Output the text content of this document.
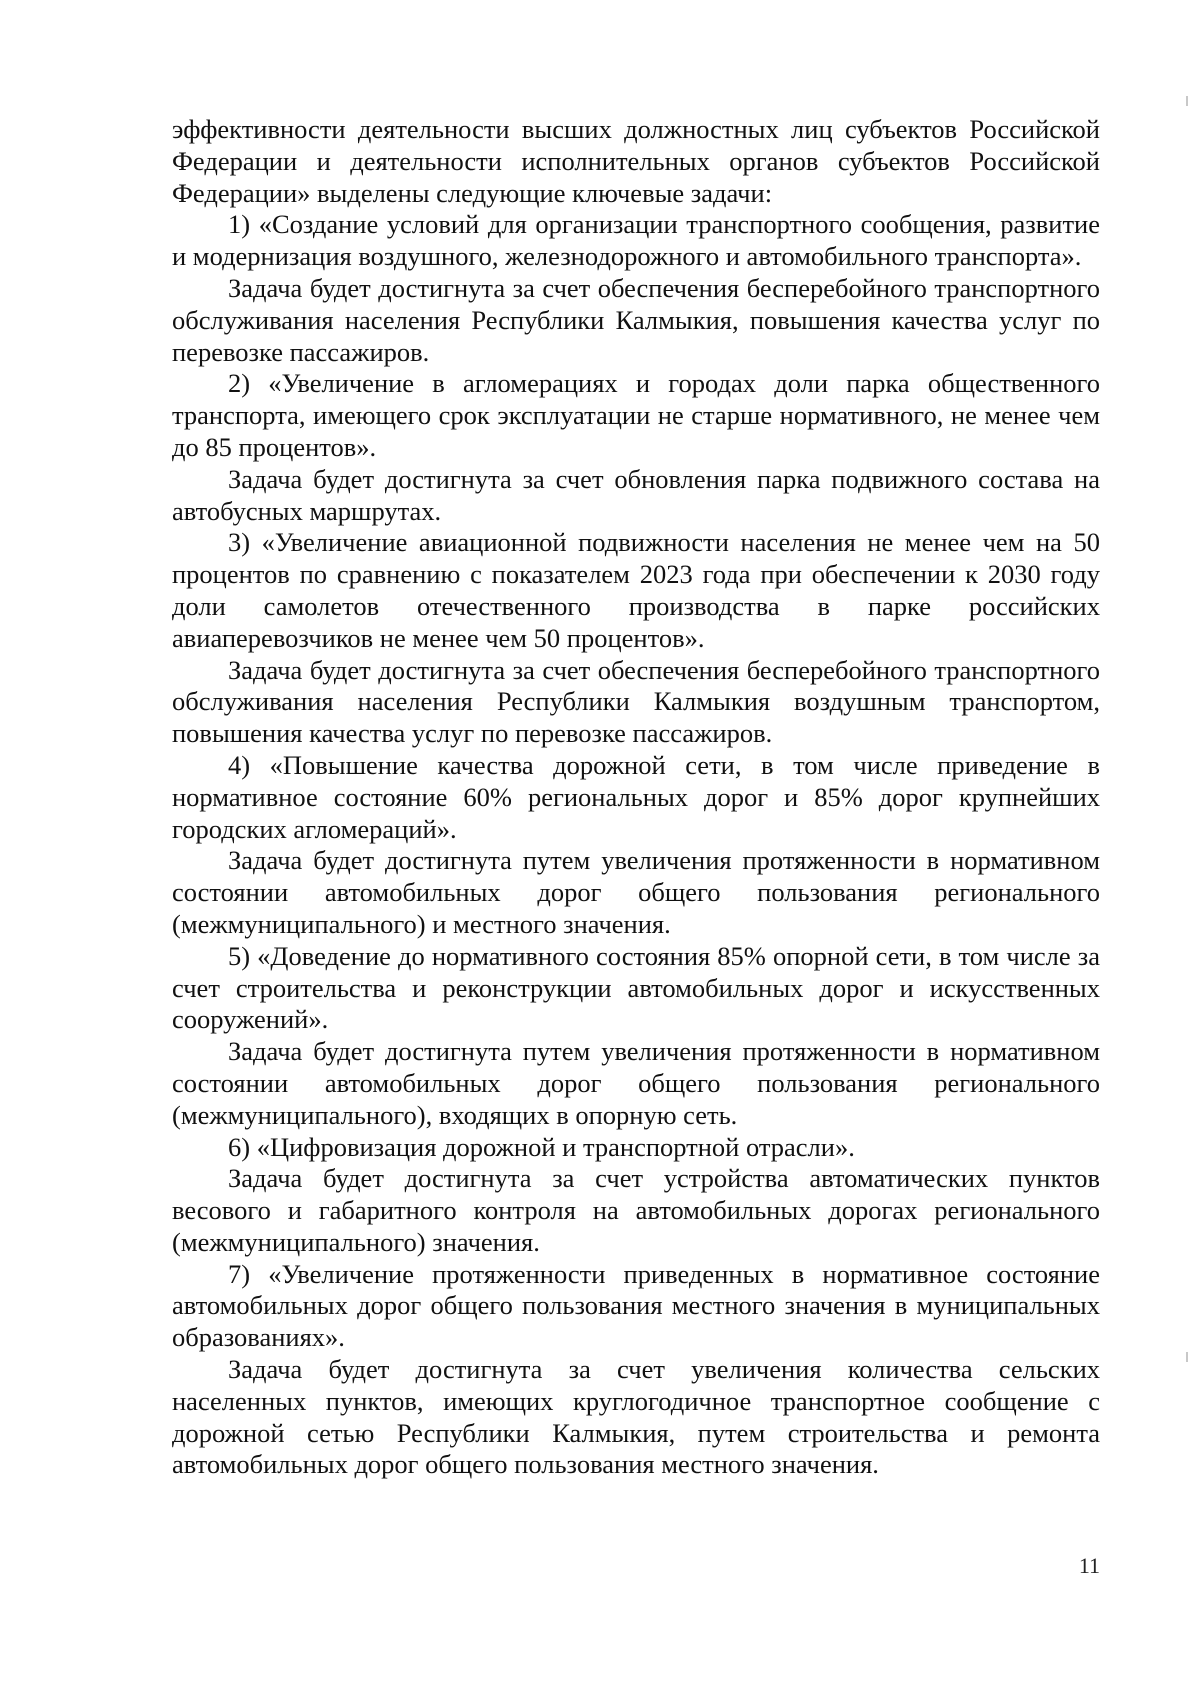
эффективности деятельности высших должностных лиц субъектов Российской Федерации и деятельности исполнительных органов субъектов Российской Федерации» выделены следующие ключевые задачи:

1) «Создание условий для организации транспортного сообщения, развитие и модернизация воздушного, железнодорожного и автомобильного транспорта».

Задача будет достигнута за счет обеспечения бесперебойного транспортного обслуживания населения Республики Калмыкия, повышения качества услуг по перевозке пассажиров.

2) «Увеличение в агломерациях и городах доли парка общественного транспорта, имеющего срок эксплуатации не старше нормативного, не менее чем до 85 процентов».

Задача будет достигнута за счет обновления парка подвижного состава на автобусных маршрутах.

3) «Увеличение авиационной подвижности населения не менее чем на 50 процентов по сравнению с показателем 2023 года при обеспечении к 2030 году доли самолетов отечественного производства в парке российских авиаперевозчиков не менее чем 50 процентов».

Задача будет достигнута за счет обеспечения бесперебойного транспортного обслуживания населения Республики Калмыкия воздушным транспортом, повышения качества услуг по перевозке пассажиров.

4) «Повышение качества дорожной сети, в том числе приведение в нормативное состояние 60% региональных дорог и 85% дорог крупнейших городских агломераций».

Задача будет достигнута путем увеличения протяженности в нормативном состоянии автомобильных дорог общего пользования регионального (межмуниципального) и местного значения.

5) «Доведение до нормативного состояния 85% опорной сети, в том числе за счет строительства и реконструкции автомобильных дорог и искусственных сооружений».

Задача будет достигнута путем увеличения протяженности в нормативном состоянии автомобильных дорог общего пользования регионального (межмуниципального), входящих в опорную сеть.

6) «Цифровизация дорожной и транспортной отрасли».

Задача будет достигнута за счет устройства автоматических пунктов весового и габаритного контроля на автомобильных дорогах регионального (межмуниципального) значения.

7) «Увеличение протяженности приведенных в нормативное состояние автомобильных дорог общего пользования местного значения в муниципальных образованиях».

Задача будет достигнута за счет увеличения количества сельских населенных пунктов, имеющих круглогодичное транспортное сообщение с дорожной сетью Республики Калмыкия, путем строительства и ремонта автомобильных дорог общего пользования местного значения.

11
